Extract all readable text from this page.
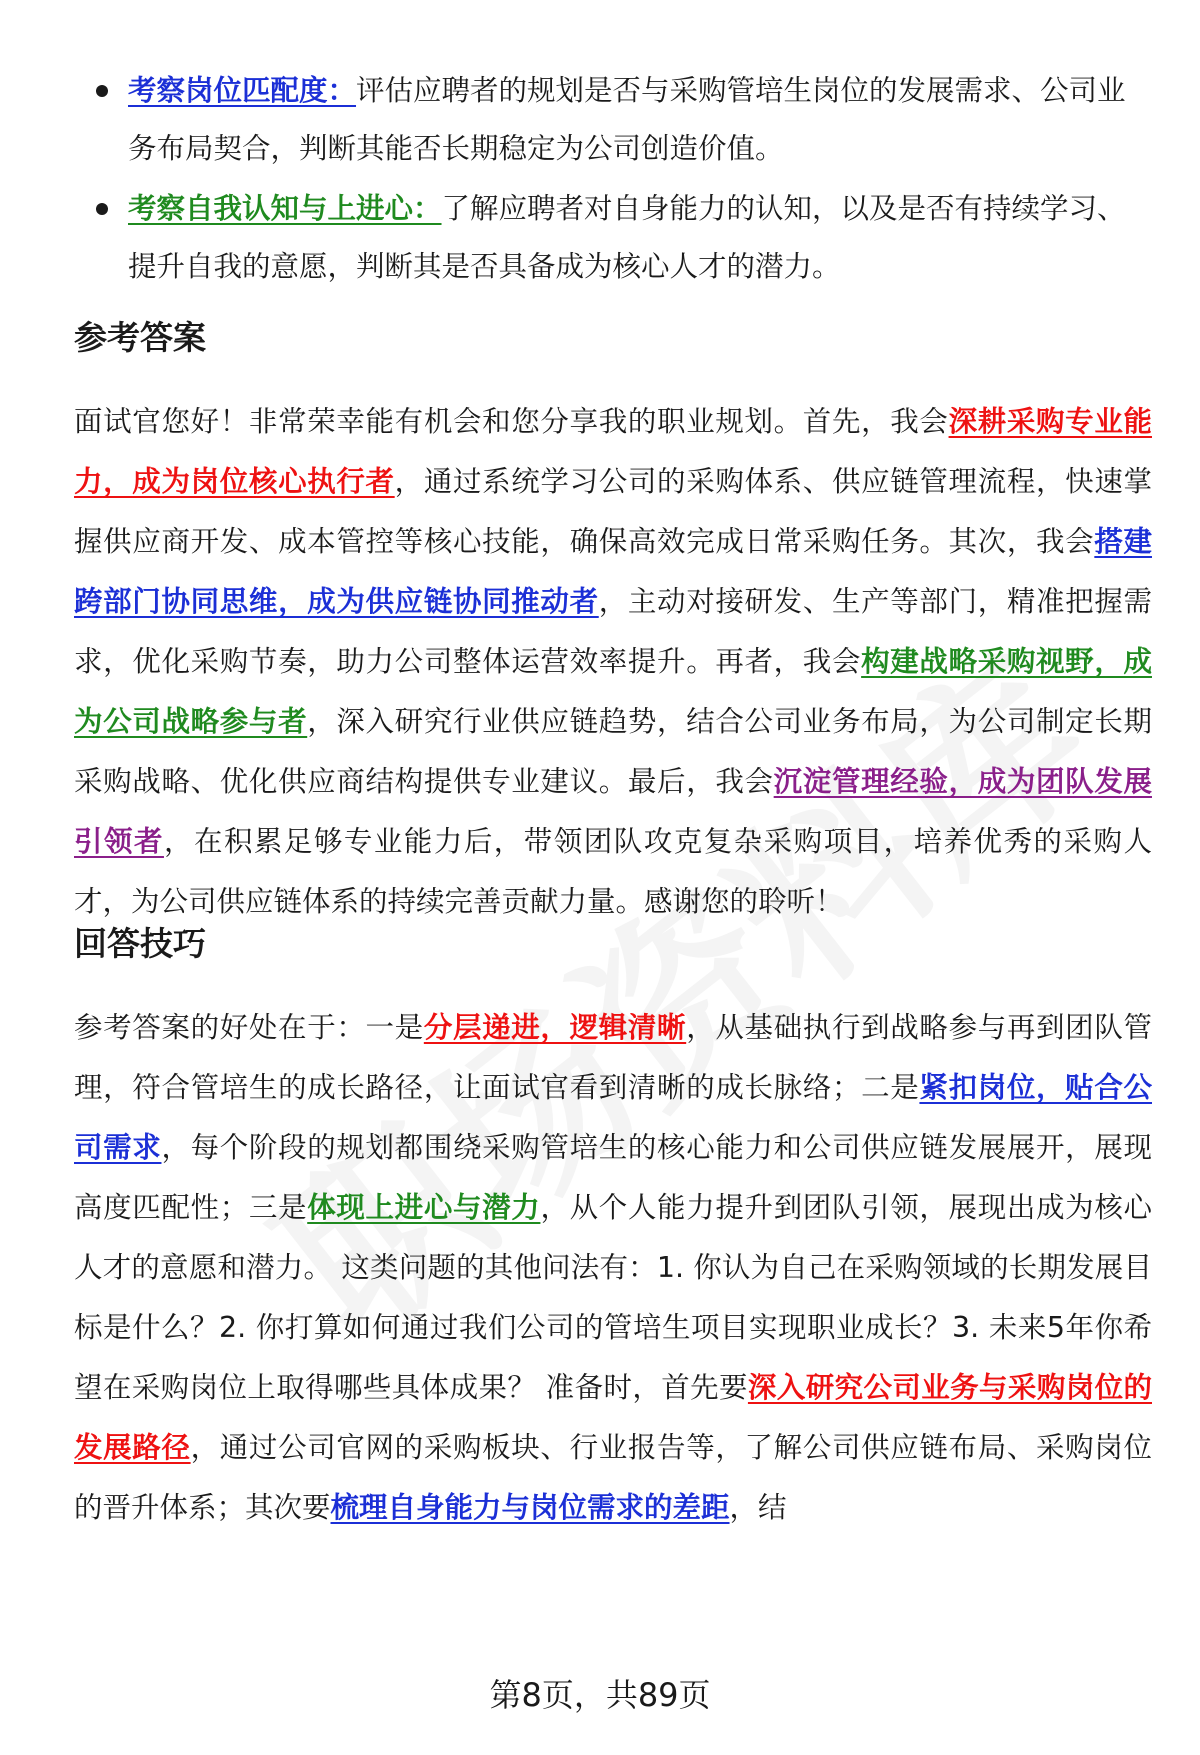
考察岗位匹配度：评估应聘者的规划是否与采购管培生岗位的发展需求、公司业务布局契合，判断其能否长期稳定为公司创造价值。
考察自我认知与上进心：了解应聘者对自身能力的认知，以及是否有持续学习、提升自我的意愿，判断其是否具备成为核心人才的潜力。
参考答案

面试官您好！非常荣幸能有机会和您分享我的职业规划。首先，我会深耕采购专业能力，成为岗位核心执行者，通过系统学习公司的采购体系、供应链管理流程，快速掌握供应商开发、成本管控等核心技能，确保高效完成日常采购任务。其次，我会搭建跨部门协同思维，成为供应链协同推动者，主动对接研发、生产等部门，精准把握需求，优化采购节奏，助力公司整体运营效率提升。再者，我会构建战略采购视野，成为公司战略参与者，深入研究行业供应链趋势，结合公司业务布局，为公司制定长期采购战略、优化供应商结构提供专业建议。最后，我会沉淀管理经验，成为团队发展引领者，在积累足够专业能力后，带领团队攻克复杂采购项目，培养优秀的采购人才，为公司供应链体系的持续完善贡献力量。感谢您的聆听！

回答技巧

参考答案的好处在于：一是分层递进，逻辑清晰，从基础执行到战略参与再到团队管理，符合管培生的成长路径，让面试官看到清晰的成长脉络；二是紧扣岗位，贴合公司需求，每个阶段的规划都围绕采购管培生的核心能力和公司供应链发展展开，展现高度匹配性；三是体现上进心与潜力，从个人能力提升到团队引领，展现出成为核心人才的意愿和潜力。 这类问题的其他问法有：1. 你认为自己在采购领域的长期发展目标是什么？2. 你打算如何通过我们公司的管培生项目实现职业成长？3. 未来5年你希望在采购岗位上取得哪些具体成果？ 准备时，首先要深入研究公司业务与采购岗位的发展路径，通过公司官网的采购板块、行业报告等，了解公司供应链布局、采购岗位的晋升体系；其次要梳理自身能力与岗位需求的差距，结

第8页，共89页
